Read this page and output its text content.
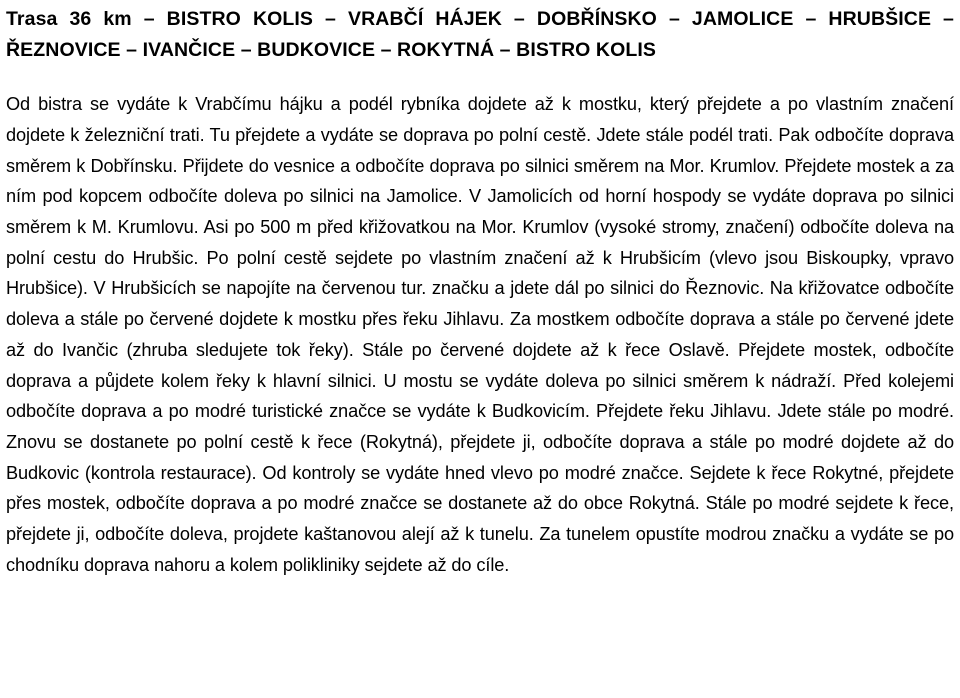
Trasa 36 km – BISTRO KOLIS – VRABČÍ HÁJEK – DOBŘÍNSKO – JAMOLICE – HRUBŠICE – ŘEZNOVICE – IVANČICE – BUDKOVICE – ROKYTNÁ – BISTRO KOLIS

Od bistra se vydáte k Vrabčímu hájku a podél rybníka dojdete až k mostku, který přejdete a po vlastním značení dojdete k železniční trati. Tu přejdete a vydáte se doprava po polní cestě. Jdete stále podél trati. Pak odbočíte doprava směrem k Dobřínsku. Přijdete do vesnice a odbočíte doprava po silnici směrem na Mor. Krumlov. Přejdete mostek a za ním pod kopcem odbočíte doleva po silnici na Jamolice. V Jamolicích od horní hospody se vydáte doprava po silnici směrem k M. Krumlovu. Asi po 500 m před křižovatkou na Mor. Krumlov (vysoké stromy, značení) odbočíte doleva na polní cestu do Hrubšic. Po polní cestě sejdete po vlastním značení až k Hrubšicím (vlevo jsou Biskoupky, vpravo Hrubšice). V Hrubšicích se napojíte na červenou tur. značku a jdete dál po silnici do Řeznovic. Na křižovatce odbočíte doleva a stále po červené dojdete k mostku přes řeku Jihlavu. Za mostkem odbočíte doprava a stále po červené jdete až do Ivančic (zhruba sledujete tok řeky). Stále po červené dojdete až k řece Oslavě. Přejdete mostek, odbočíte doprava a půjdete kolem řeky k hlavní silnici. U mostu se vydáte doleva po silnici směrem k nádraží. Před kolejemi odbočíte doprava a po modré turistické značce se vydáte k Budkovicím. Přejdete řeku Jihlavu. Jdete stále po modré. Znovu se dostanete po polní cestě k řece (Rokytná), přejdete ji, odbočíte doprava a stále po modré dojdete až do Budkovic (kontrola restaurace). Od kontroly se vydáte hned vlevo po modré značce. Sejdete k řece Rokytné, přejdete přes mostek, odbočíte doprava a po modré značce se dostanete až do obce Rokytná. Stále po modré sejdete k řece, přejdete ji, odbočíte doleva, projdete kaštanovou alejí až k tunelu. Za tunelem opustíte modrou značku a vydáte se po chodníku doprava nahoru a kolem polikliniky sejdete až do cíle.
